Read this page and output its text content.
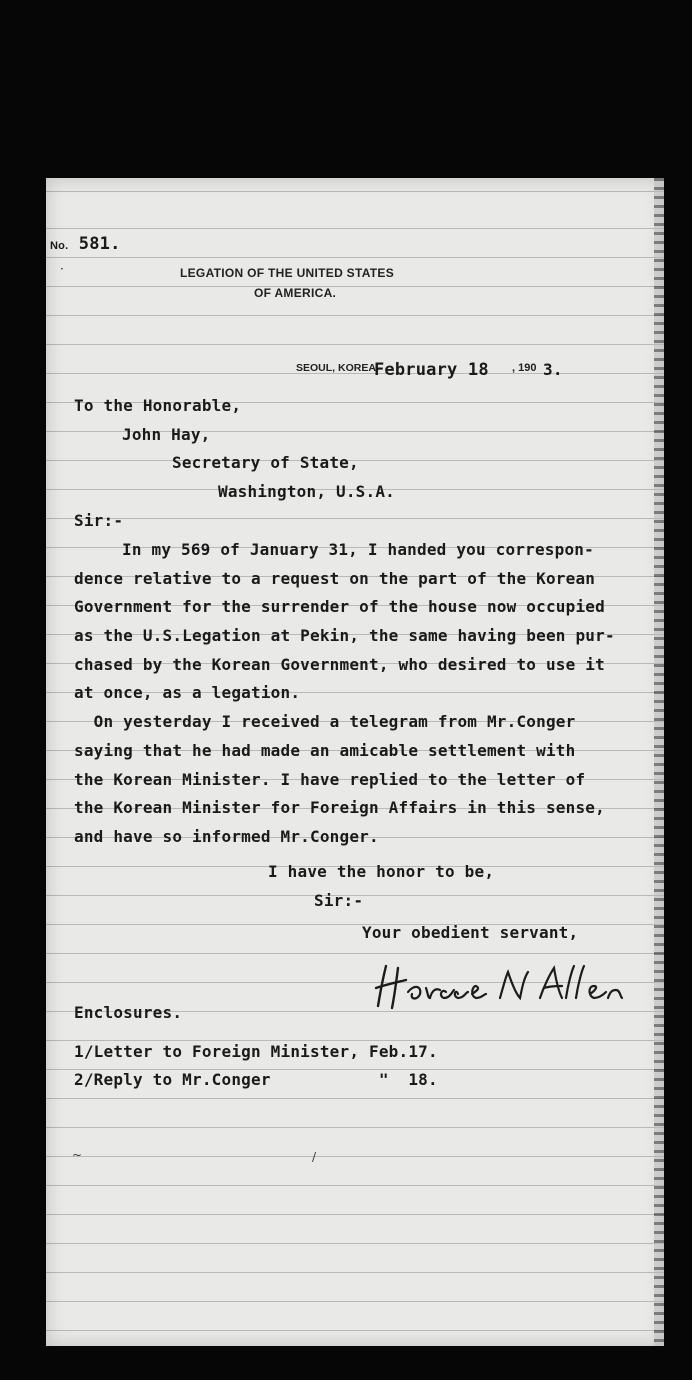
No. 581.
LEGATION OF THE UNITED STATES
OF AMERICA.
SEOUL, KOREA,
February 18 , 190 3.
To the Honorable,
John Hay,
Secretary of State,
Washington, U.S.A.
Sir:-
In my 569 of January 31, I handed you correspon-
dence relative to a request on the part of the Korean
Government for the surrender of the house now occupied
as the U.S.Legation at Pekin, the same having been pur-
chased by the Korean Government, who desired to use it
at once, as a legation.
On yesterday I received a telegram from Mr.Conger
saying that he had made an amicable settlement with
the Korean Minister. I have replied to the letter of
the Korean Minister for Foreign Affairs in this sense,
and have so informed Mr.Conger.
I have the honor to be,
Sir:-
Your obedient servant,
Enclosures.
1/Letter to Foreign Minister, Feb.17.
2/Reply to Mr.Conger           "  18.
·
~	/
